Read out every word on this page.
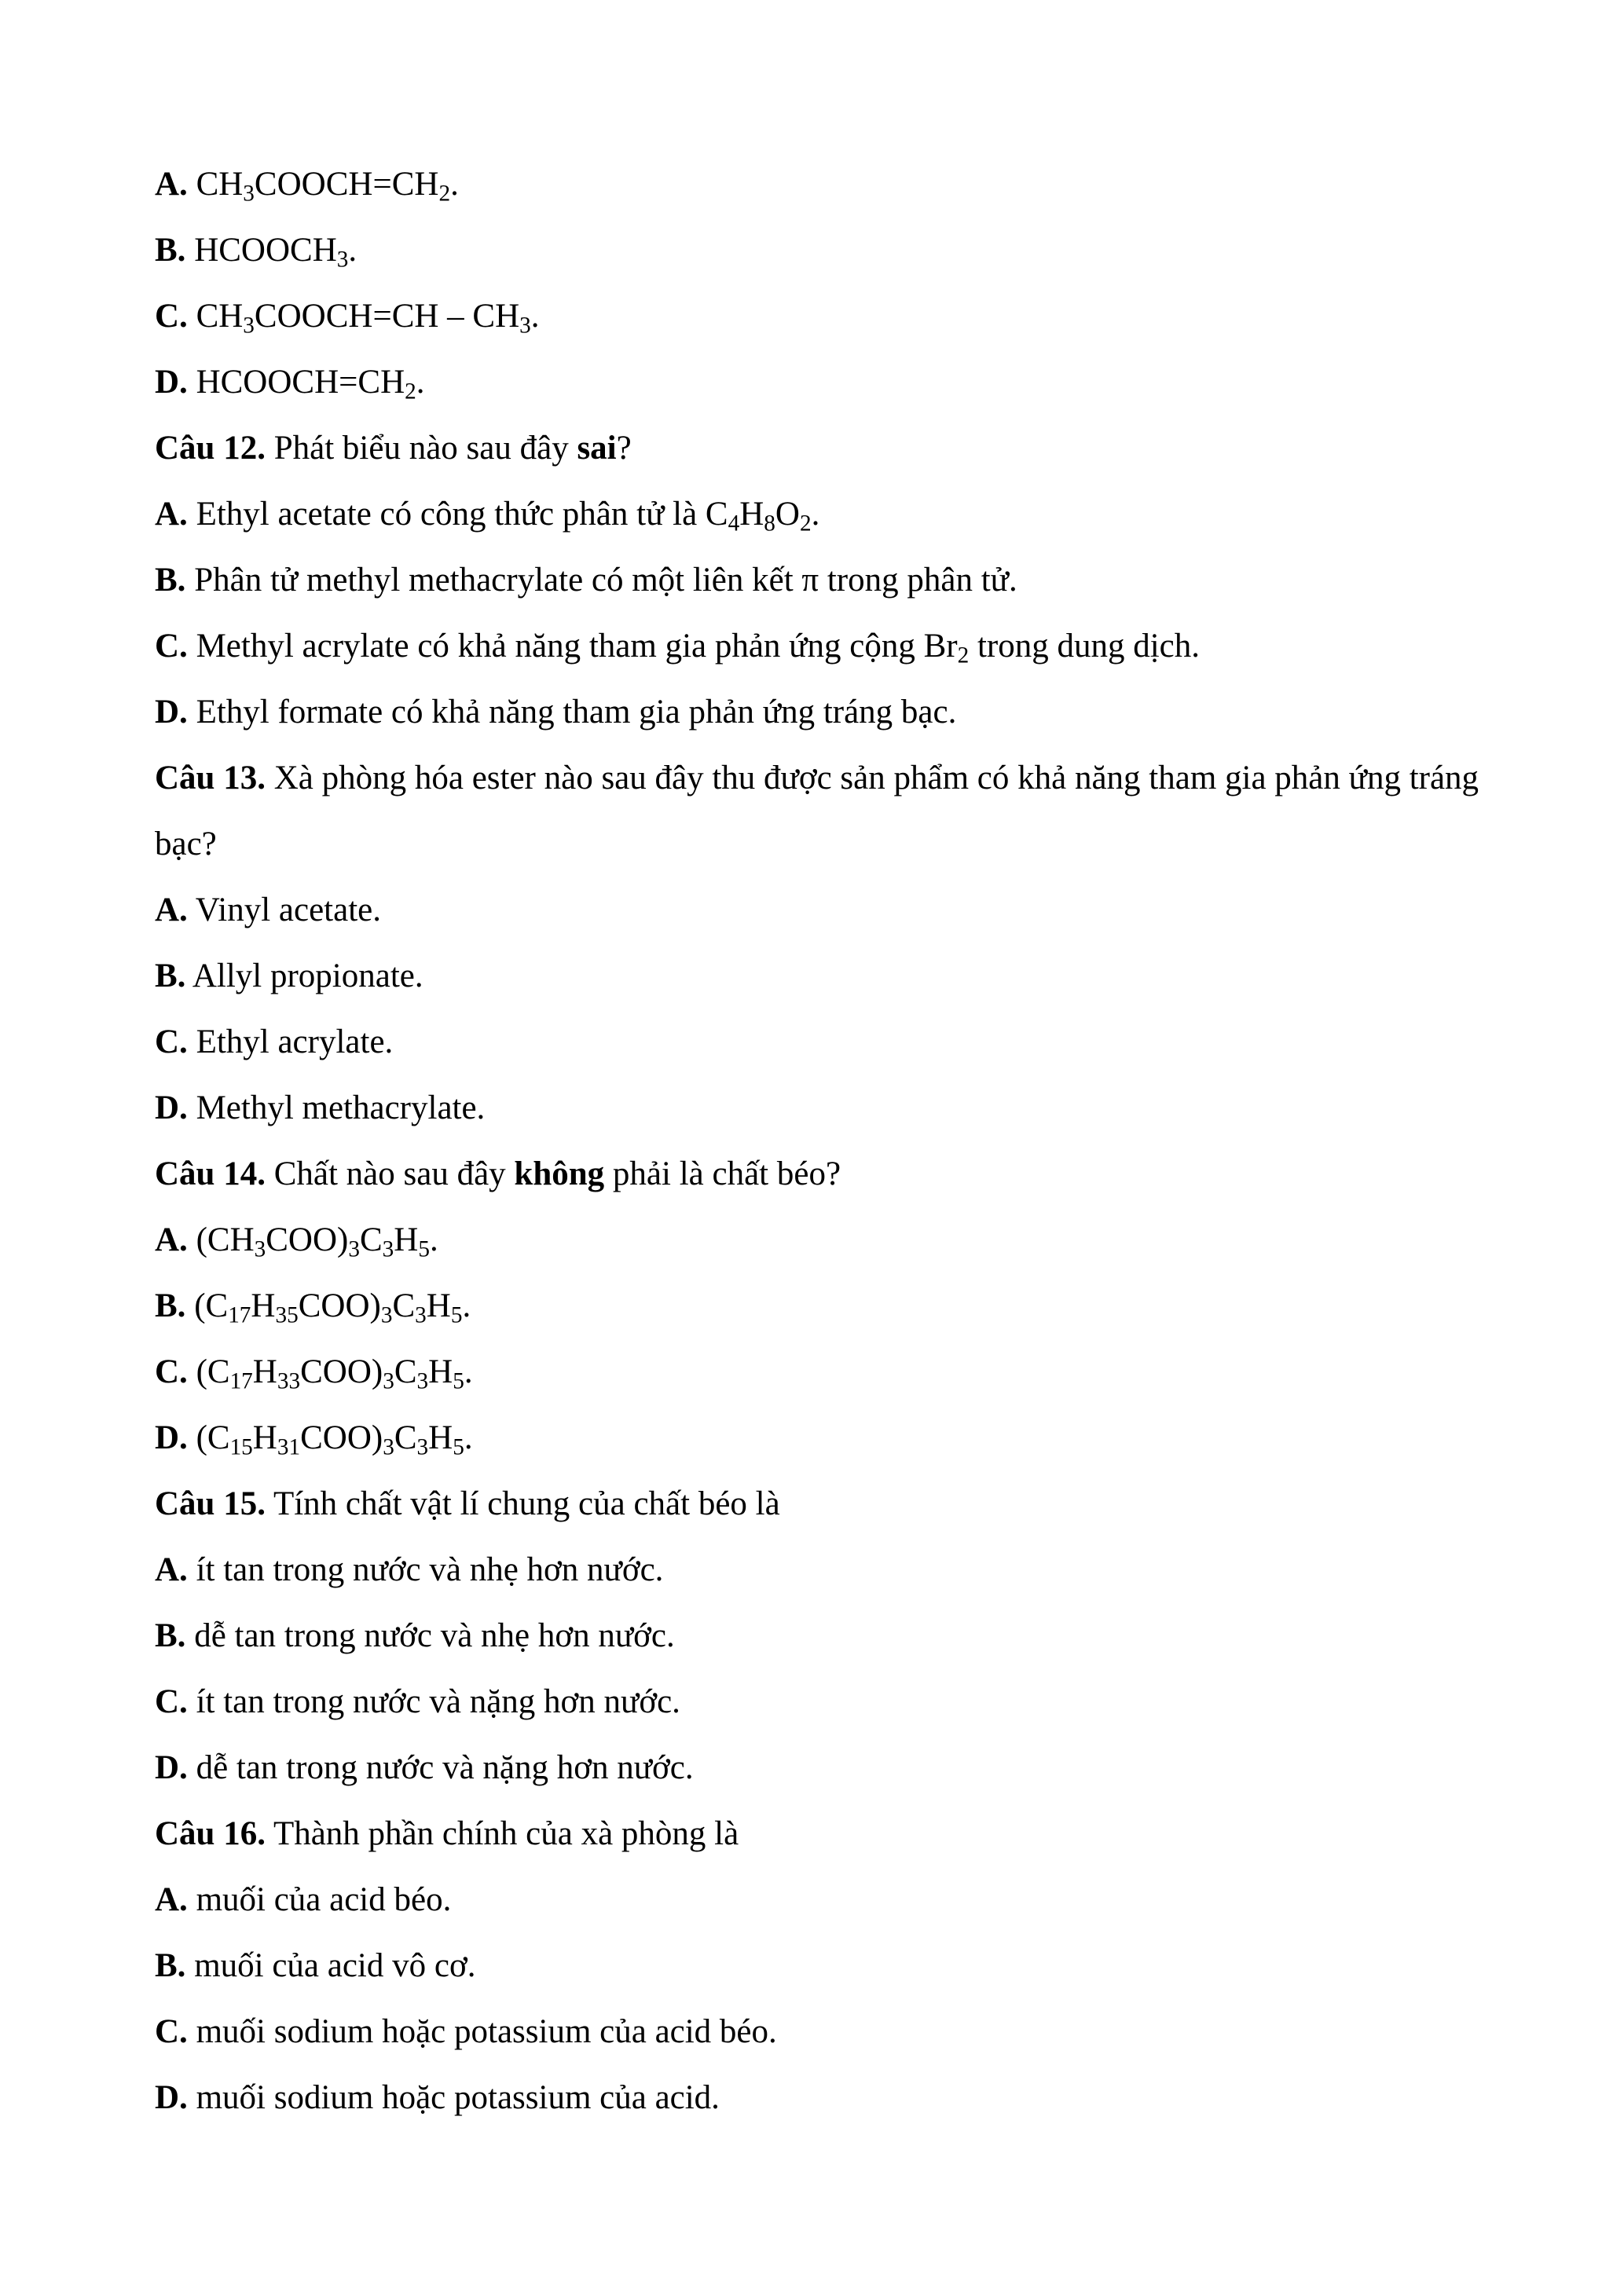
A. $CH_3COOCH=CH_2$.
B. $HCOOCH_3$.
C. $CH_3COOCH=CH - CH_3$.
D. $HCOOCH=CH_2$.
Câu 12. Phát biểu nào sau đây sai?
A. Ethyl acetate có công thức phân tử là $C_4H_8O_2$.
B. Phân tử methyl methacrylate có một liên kết π trong phân tử.
C. Methyl acrylate có khả năng tham gia phản ứng cộng $Br_2$ trong dung dịch.
D. Ethyl formate có khả năng tham gia phản ứng tráng bạc.
Câu 13. Xà phòng hóa ester nào sau đây thu được sản phẩm có khả năng tham gia phản ứng tráng bạc?
A. Vinyl acetate.
B. Allyl propionate.
C. Ethyl acrylate.
D. Methyl methacrylate.
Câu 14. Chất nào sau đây không phải là chất béo?
A. $(CH_3COO)_3C_3H_5$.
B. $(C_{17}H_{35}COO)_3C_3H_5$.
C. $(C_{17}H_{33}COO)_3C_3H_5$.
D. $(C_{15}H_{31}COO)_3C_3H_5$.
Câu 15. Tính chất vật lí chung của chất béo là
A. ít tan trong nước và nhẹ hơn nước.
B. dễ tan trong nước và nhẹ hơn nước.
C. ít tan trong nước và nặng hơn nước.
D. dễ tan trong nước và nặng hơn nước.
Câu 16. Thành phần chính của xà phòng là
A. muối của acid béo.
B. muối của acid vô cơ.
C. muối sodium hoặc potassium của acid béo.
D. muối sodium hoặc potassium của acid.
